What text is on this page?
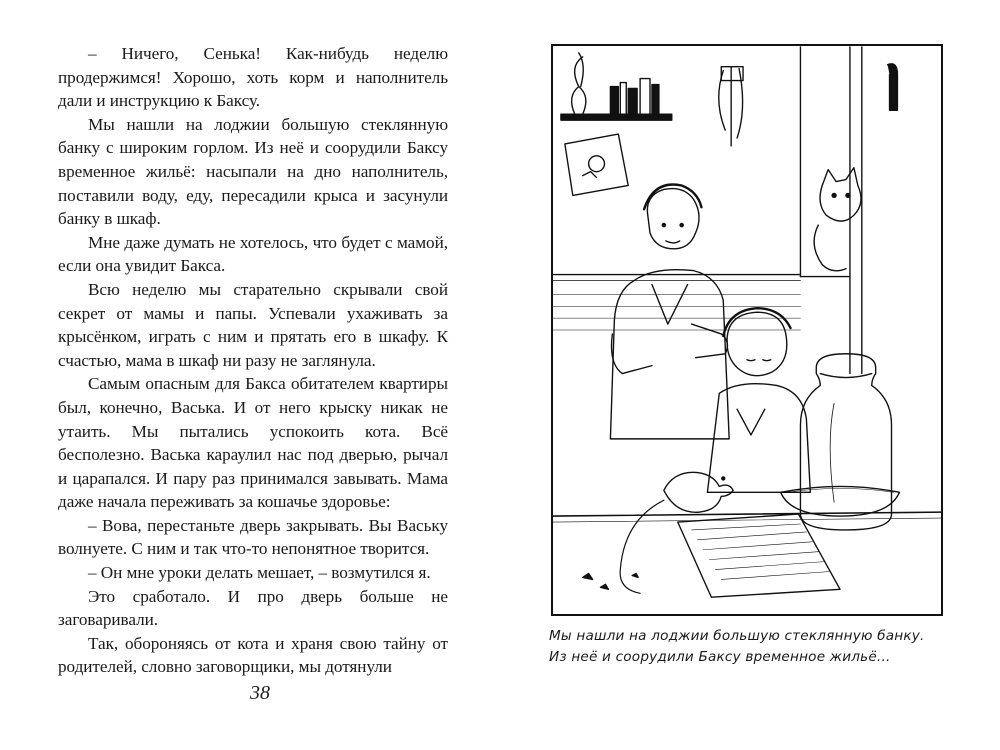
– Ничего, Сенька! Как-нибудь неделю продержимся! Хорошо, хоть корм и наполнитель дали и инструкцию к Баксу.

Мы нашли на лоджии большую стеклянную банку с широким горлом. Из неё и соорудили Баксу временное жильё: насыпали на дно наполнитель, поставили воду, еду, пересадили крыса и засунули банку в шкаф.

Мне даже думать не хотелось, что будет с мамой, если она увидит Бакса.

Всю неделю мы старательно скрывали свой секрет от мамы и папы. Успевали ухаживать за крысёнком, играть с ним и прятать его в шкафу. К счастью, мама в шкаф ни разу не заглянула.

Самым опасным для Бакса обитателем квартиры был, конечно, Васька. И от него крыску никак не утаить. Мы пытались успокоить кота. Всё бесполезно. Васька караулил нас под дверью, рычал и царапался. И пару раз принимался завывать. Мама даже начала переживать за кошачье здоровье:

– Вова, перестаньте дверь закрывать. Вы Ваську волнуете. С ним и так что-то непонятное творится.

– Он мне уроки делать мешает, – возмутился я.

Это сработало. И про дверь больше не заговаривали.

Так, обороняясь от кота и храня свою тайну от родителей, словно заговорщики, мы дотянули

38
Мы нашли на лоджии большую стеклянную банку.
Из неё и соорудили Баксу временное жильё...
